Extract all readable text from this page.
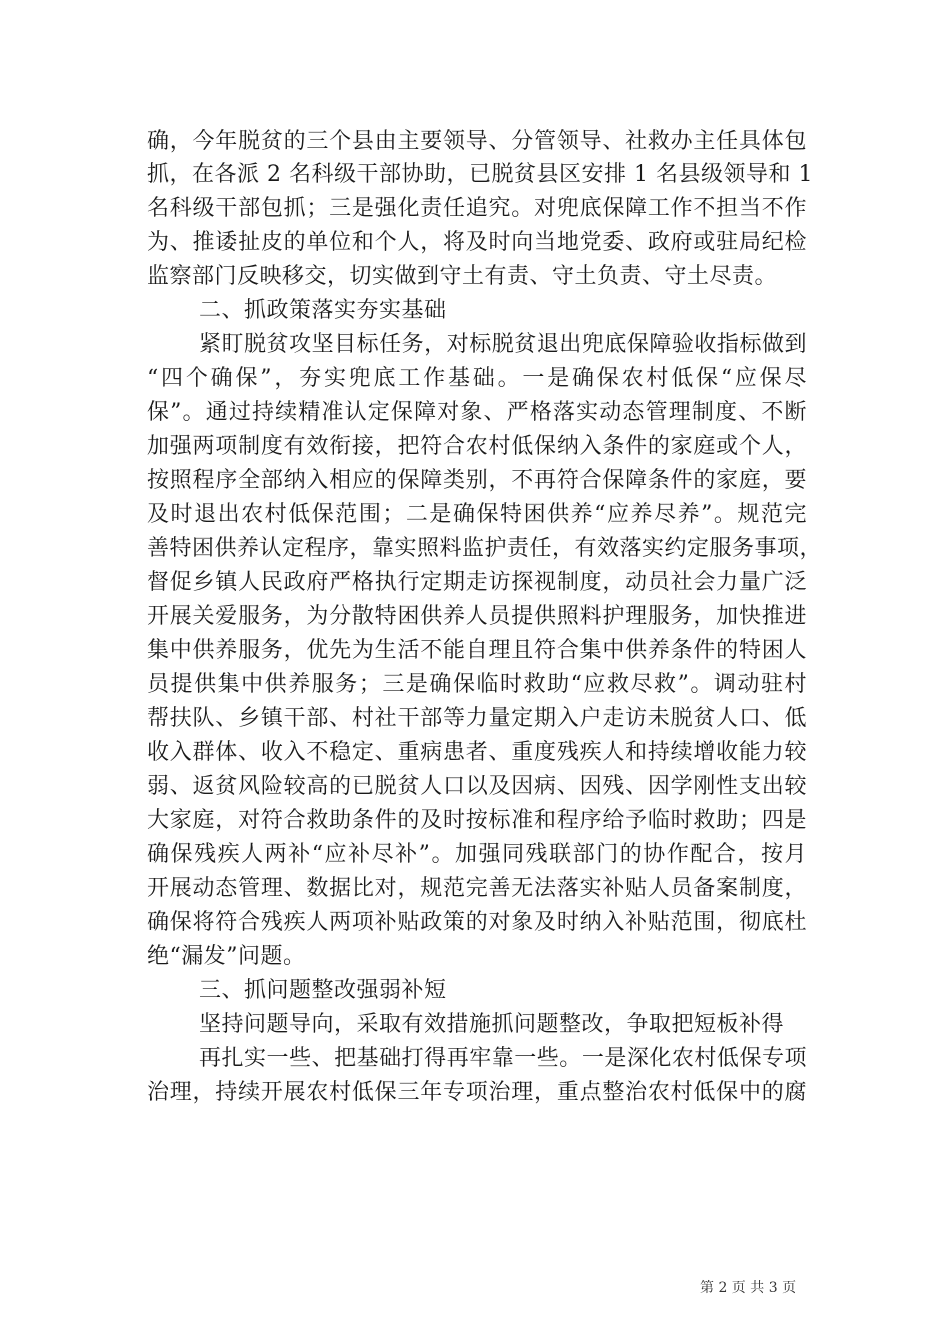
确，今年脱贫的三个县由主要领导、分管领导、社救办主任具体包
抓，在各派 2 名科级干部协助，已脱贫县区安排 1 名县级领导和 1
名科级干部包抓；三是强化责任追究。对兜底保障工作不担当不作
为、推诿扯皮的单位和个人，将及时向当地党委、政府或驻局纪检
监察部门反映移交，切实做到守土有责、守土负责、守土尽责。
二、抓政策落实夯实基础
紧盯脱贫攻坚目标任务，对标脱贫退出兜底保障验收指标做到
“四个确保”，夯实兜底工作基础。一是确保农村低保“应保尽
保”。通过持续精准认定保障对象、严格落实动态管理制度、不断
加强两项制度有效衔接，把符合农村低保纳入条件的家庭或个人，
按照程序全部纳入相应的保障类别，不再符合保障条件的家庭，要
及时退出农村低保范围；二是确保特困供养“应养尽养”。规范完
善特困供养认定程序，靠实照料监护责任，有效落实约定服务事项，
督促乡镇人民政府严格执行定期走访探视制度，动员社会力量广泛
开展关爱服务，为分散特困供养人员提供照料护理服务，加快推进
集中供养服务，优先为生活不能自理且符合集中供养条件的特困人
员提供集中供养服务；三是确保临时救助“应救尽救”。调动驻村
帮扶队、乡镇干部、村社干部等力量定期入户走访未脱贫人口、低
收入群体、收入不稳定、重病患者、重度残疾人和持续增收能力较
弱、返贫风险较高的已脱贫人口以及因病、因残、因学刚性支出较
大家庭，对符合救助条件的及时按标准和程序给予临时救助；四是
确保残疾人两补“应补尽补”。加强同残联部门的协作配合，按月
开展动态管理、数据比对，规范完善无法落实补贴人员备案制度，
确保将符合残疾人两项补贴政策的对象及时纳入补贴范围，彻底杜
绝“漏发”问题。
三、抓问题整改强弱补短
坚持问题导向，采取有效措施抓问题整改，争取把短板补得
再扎实一些、把基础打得再牢靠一些。一是深化农村低保专项
治理，持续开展农村低保三年专项治理，重点整治农村低保中的腐
第 2 页 共 3 页
